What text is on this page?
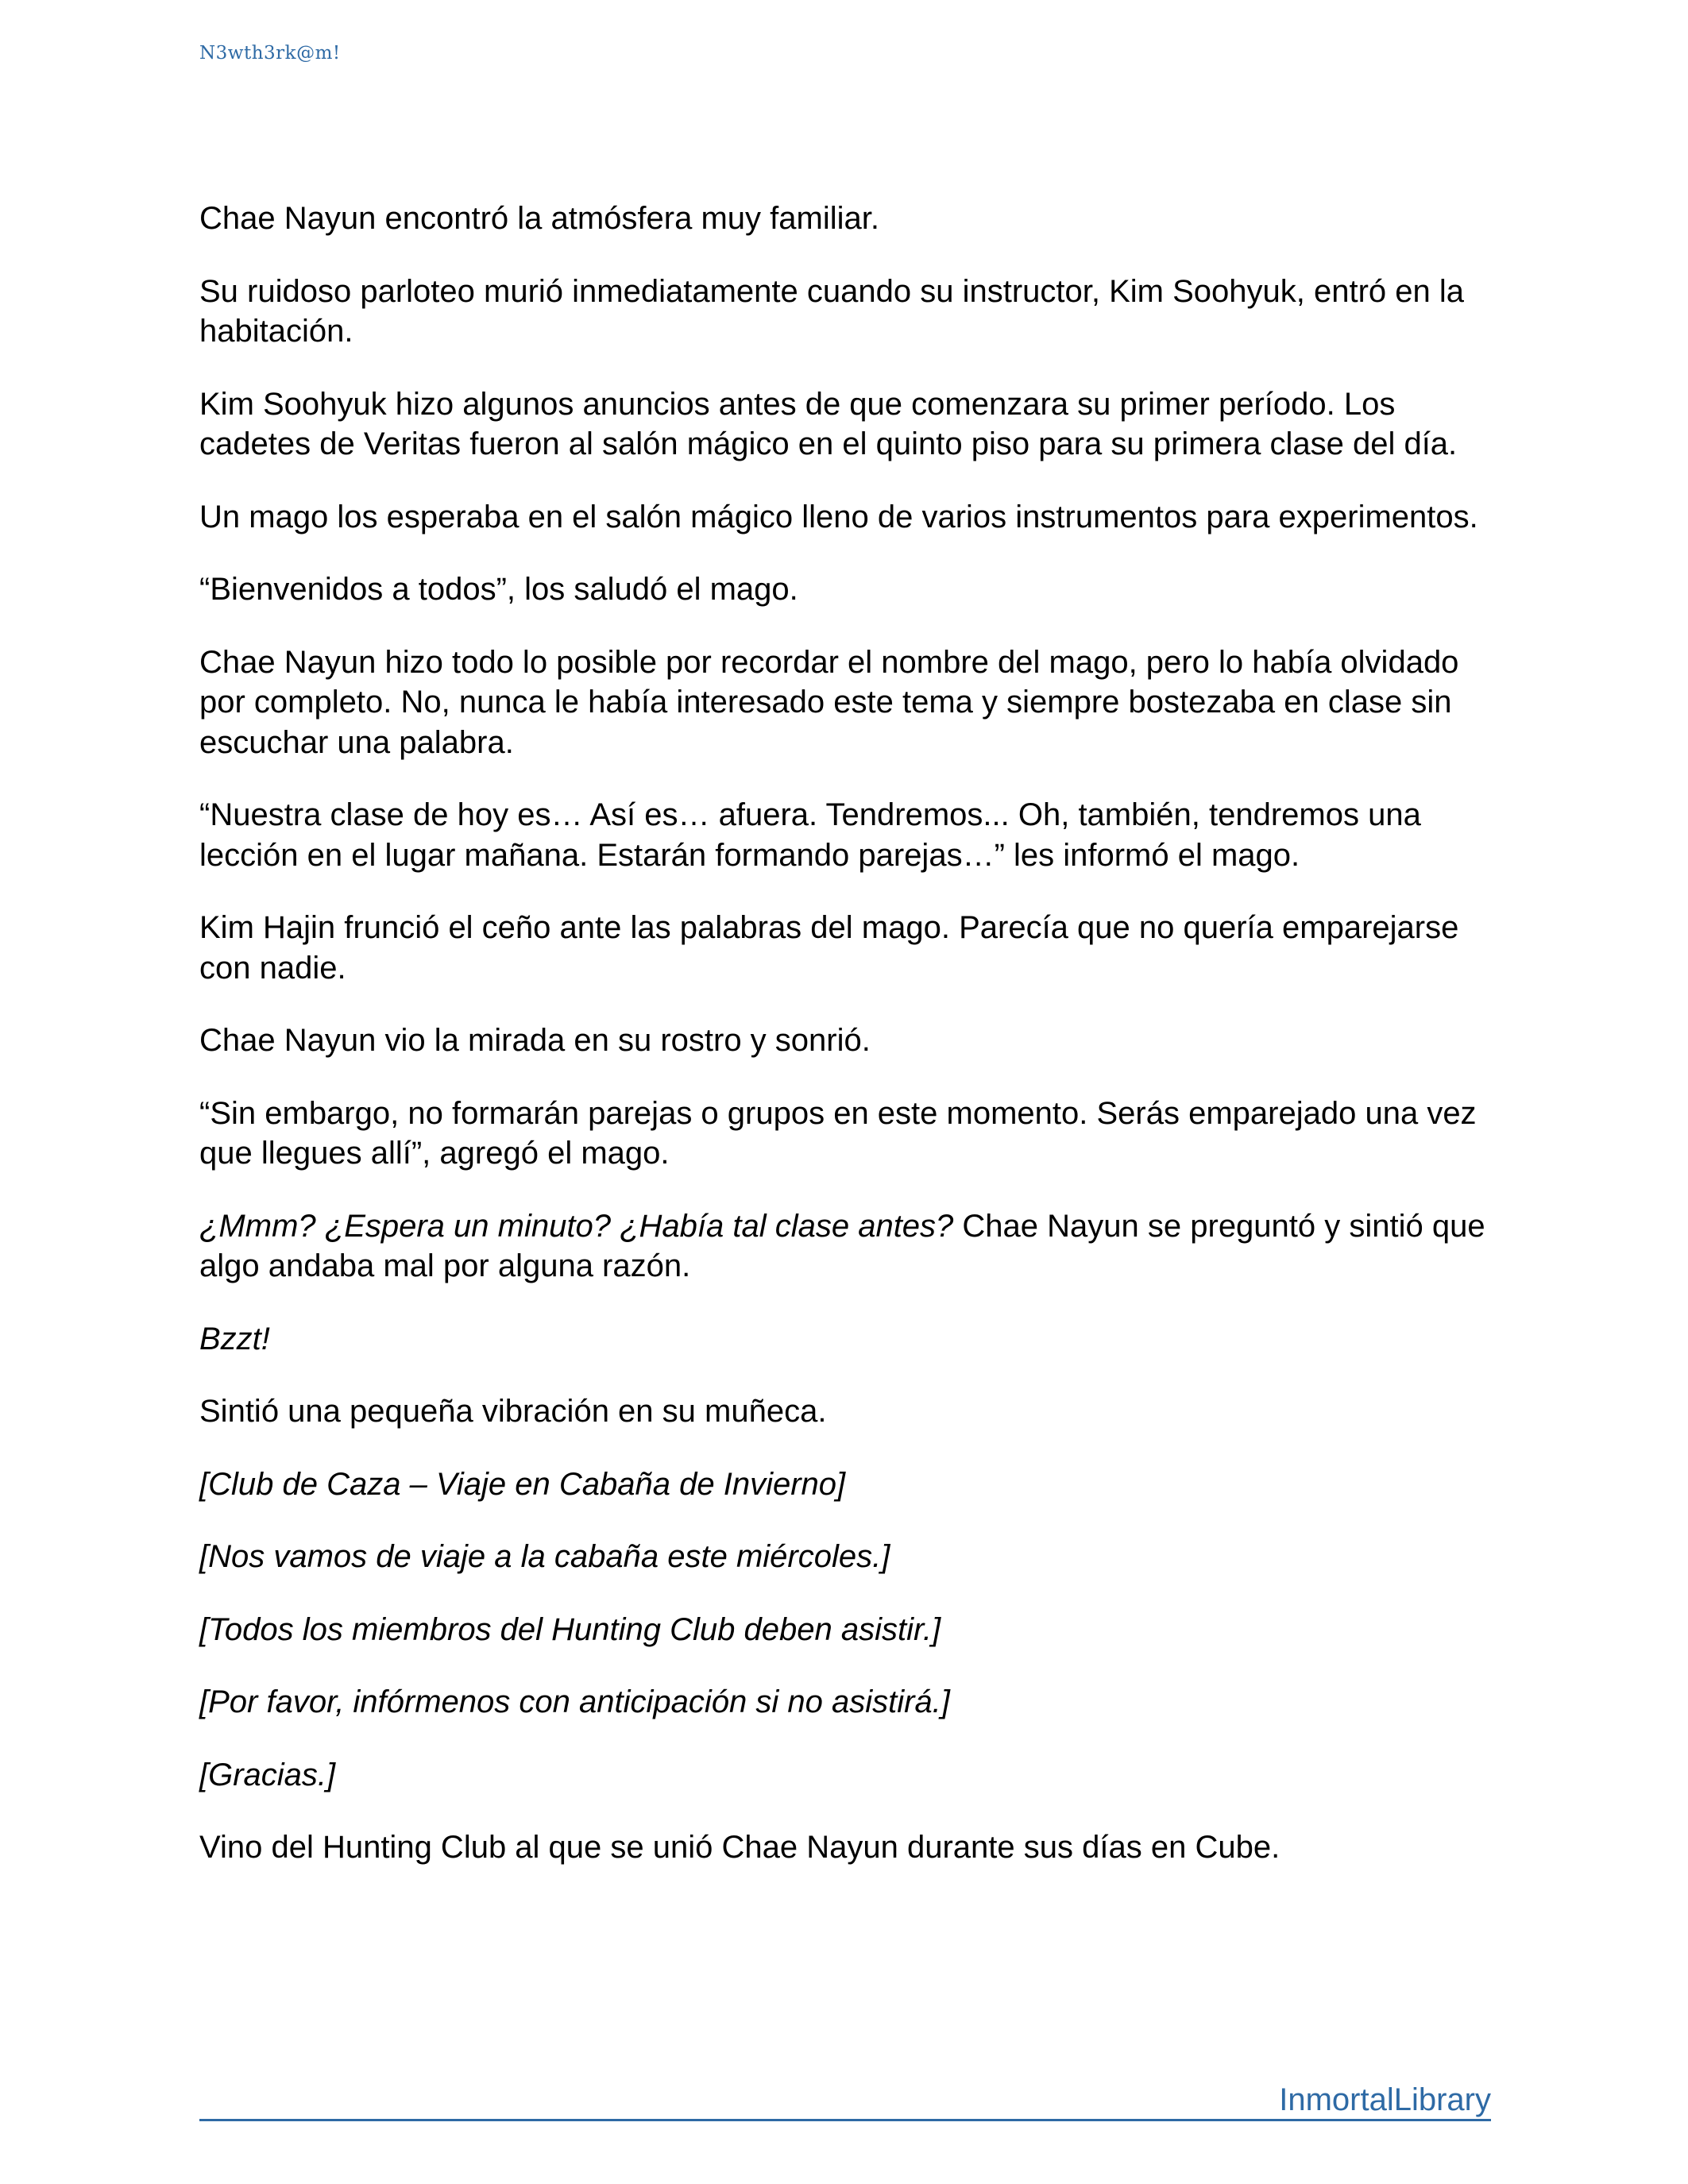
N3wth3rk@m!

Chae Nayun encontró la atmósfera muy familiar.

Su ruidoso parloteo murió inmediatamente cuando su instructor, Kim Soohyuk, entró en la habitación.

Kim Soohyuk hizo algunos anuncios antes de que comenzara su primer período. Los cadetes de Veritas fueron al salón mágico en el quinto piso para su primera clase del día.

Un mago los esperaba en el salón mágico lleno de varios instrumentos para experimentos.

“Bienvenidos a todos”, los saludó el mago.

Chae Nayun hizo todo lo posible por recordar el nombre del mago, pero lo había olvidado por completo. No, nunca le había interesado este tema y siempre bostezaba en clase sin escuchar una palabra.

“Nuestra clase de hoy es… Así es… afuera. Tendremos... Oh, también, tendremos una lección en el lugar mañana. Estarán formando parejas…” les informó el mago.

Kim Hajin frunció el ceño ante las palabras del mago. Parecía que no quería emparejarse con nadie.

Chae Nayun vio la mirada en su rostro y sonrió.

“Sin embargo, no formarán parejas o grupos en este momento. Serás emparejado una vez que llegues allí”, agregó el mago.

¿Mmm? ¿Espera un minuto? ¿Había tal clase antes? Chae Nayun se preguntó y sintió que algo andaba mal por alguna razón.

Bzzt!

Sintió una pequeña vibración en su muñeca.

[Club de Caza – Viaje en Cabaña de Invierno]

[Nos vamos de viaje a la cabaña este miércoles.]

[Todos los miembros del Hunting Club deben asistir.]

[Por favor, infórmenos con anticipación si no asistirá.]

[Gracias.]

Vino del Hunting Club al que se unió Chae Nayun durante sus días en Cube.

InmortalLibrary
